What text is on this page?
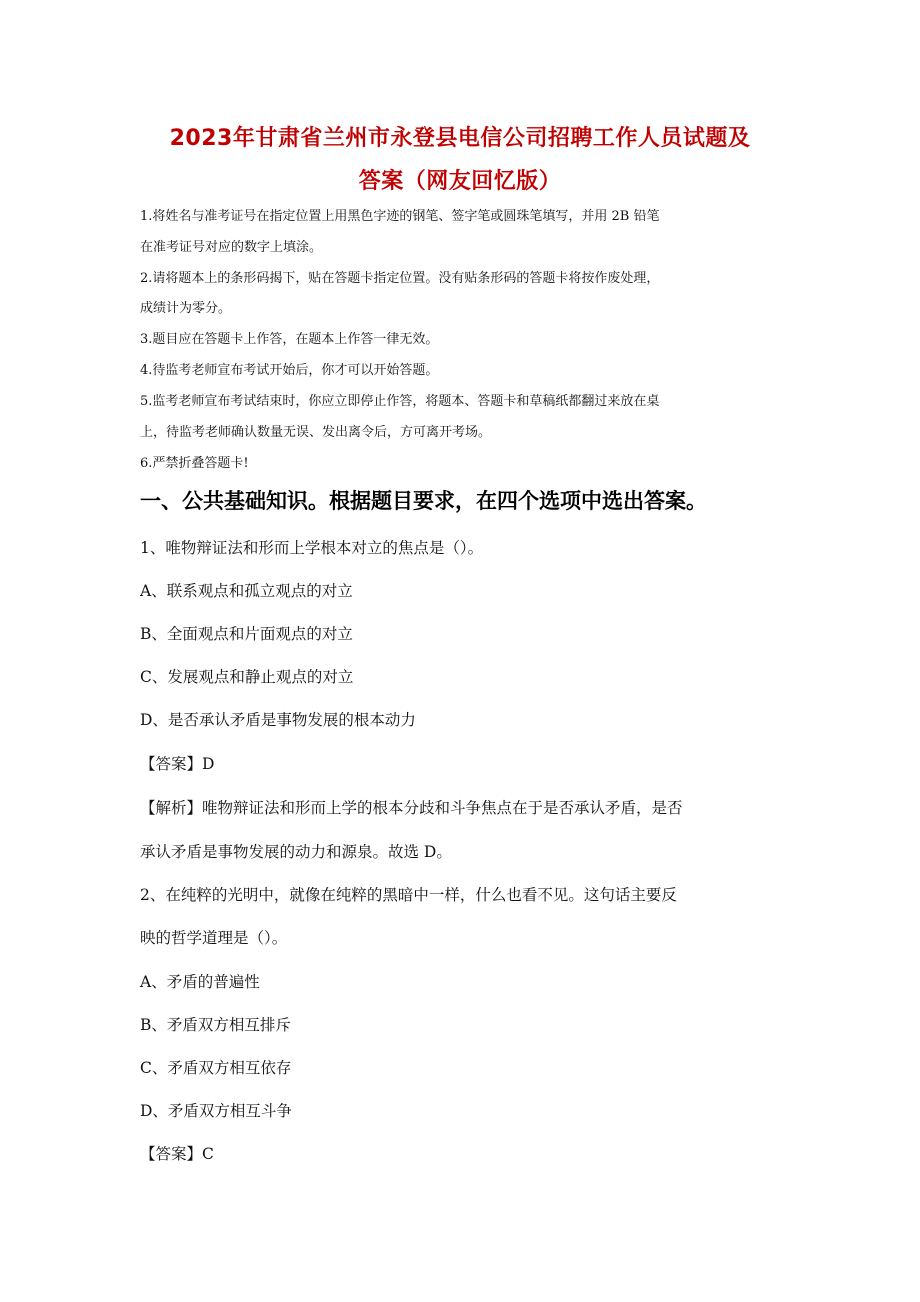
2023年甘肃省兰州市永登县电信公司招聘工作人员试题及
答案（网友回忆版）

1.将姓名与准考证号在指定位置上用黑色字迹的钢笔、签字笔或圆珠笔填写，并用 2B 铅笔

在准考证号对应的数字上填涂。

2.请将题本上的条形码揭下，贴在答题卡指定位置。没有贴条形码的答题卡将按作废处理，

成绩计为零分。

3.题目应在答题卡上作答，在题本上作答一律无效。

4.待监考老师宣布考试开始后，你才可以开始答题。

5.监考老师宣布考试结束时，你应立即停止作答，将题本、答题卡和草稿纸都翻过来放在桌

上，待监考老师确认数量无误、发出离令后，方可离开考场。

6.严禁折叠答题卡!

一、公共基础知识。根据题目要求，在四个选项中选出答案。

1、唯物辩证法和形而上学根本对立的焦点是（）。

A、联系观点和孤立观点的对立

B、全面观点和片面观点的对立

C、发展观点和静止观点的对立

D、是否承认矛盾是事物发展的根本动力

【答案】D

【解析】唯物辩证法和形而上学的根本分歧和斗争焦点在于是否承认矛盾，是否

承认矛盾是事物发展的动力和源泉。故选 D。

2、在纯粹的光明中，就像在纯粹的黑暗中一样，什么也看不见。这句话主要反

映的哲学道理是（）。

A、矛盾的普遍性

B、矛盾双方相互排斥

C、矛盾双方相互依存

D、矛盾双方相互斗争

【答案】C
